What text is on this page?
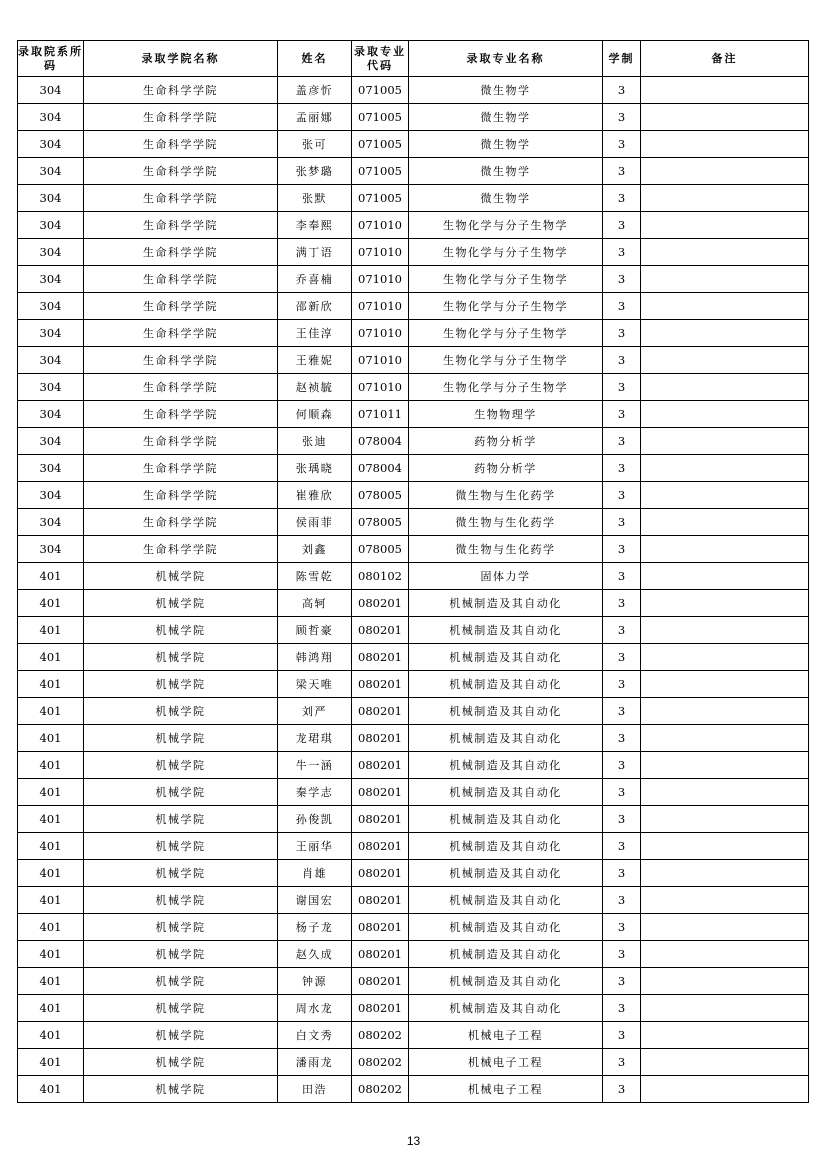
录取院系所码	录取学院名称	姓名	录取专业代码	录取专业名称	学制	备注
304	生命科学学院	盖彦忻	071005	微生物学	3	
304	生命科学学院	孟丽娜	071005	微生物学	3	
304	生命科学学院	张可	071005	微生物学	3	
304	生命科学学院	张梦璐	071005	微生物学	3	
304	生命科学学院	张默	071005	微生物学	3	
304	生命科学学院	李奉熙	071010	生物化学与分子生物学	3	
304	生命科学学院	满丁语	071010	生物化学与分子生物学	3	
304	生命科学学院	乔喜楠	071010	生物化学与分子生物学	3	
304	生命科学学院	邵新欣	071010	生物化学与分子生物学	3	
304	生命科学学院	王佳淳	071010	生物化学与分子生物学	3	
304	生命科学学院	王雅妮	071010	生物化学与分子生物学	3	
304	生命科学学院	赵祯毓	071010	生物化学与分子生物学	3	
304	生命科学学院	何顺森	071011	生物物理学	3	
304	生命科学学院	张迪	078004	药物分析学	3	
304	生命科学学院	张瑀晓	078004	药物分析学	3	
304	生命科学学院	崔雅欣	078005	微生物与生化药学	3	
304	生命科学学院	侯雨菲	078005	微生物与生化药学	3	
304	生命科学学院	刘鑫	078005	微生物与生化药学	3	
401	机械学院	陈雪乾	080102	固体力学	3	
401	机械学院	高轲	080201	机械制造及其自动化	3	
401	机械学院	顾哲豪	080201	机械制造及其自动化	3	
401	机械学院	韩鸿翔	080201	机械制造及其自动化	3	
401	机械学院	梁天唯	080201	机械制造及其自动化	3	
401	机械学院	刘严	080201	机械制造及其自动化	3	
401	机械学院	龙珺琪	080201	机械制造及其自动化	3	
401	机械学院	牛一涵	080201	机械制造及其自动化	3	
401	机械学院	秦学志	080201	机械制造及其自动化	3	
401	机械学院	孙俊凯	080201	机械制造及其自动化	3	
401	机械学院	王丽华	080201	机械制造及其自动化	3	
401	机械学院	肖雄	080201	机械制造及其自动化	3	
401	机械学院	谢国宏	080201	机械制造及其自动化	3	
401	机械学院	杨子龙	080201	机械制造及其自动化	3	
401	机械学院	赵久成	080201	机械制造及其自动化	3	
401	机械学院	钟源	080201	机械制造及其自动化	3	
401	机械学院	周水龙	080201	机械制造及其自动化	3	
401	机械学院	白文秀	080202	机械电子工程	3	
401	机械学院	潘雨龙	080202	机械电子工程	3	
401	机械学院	田浩	080202	机械电子工程	3	
13
